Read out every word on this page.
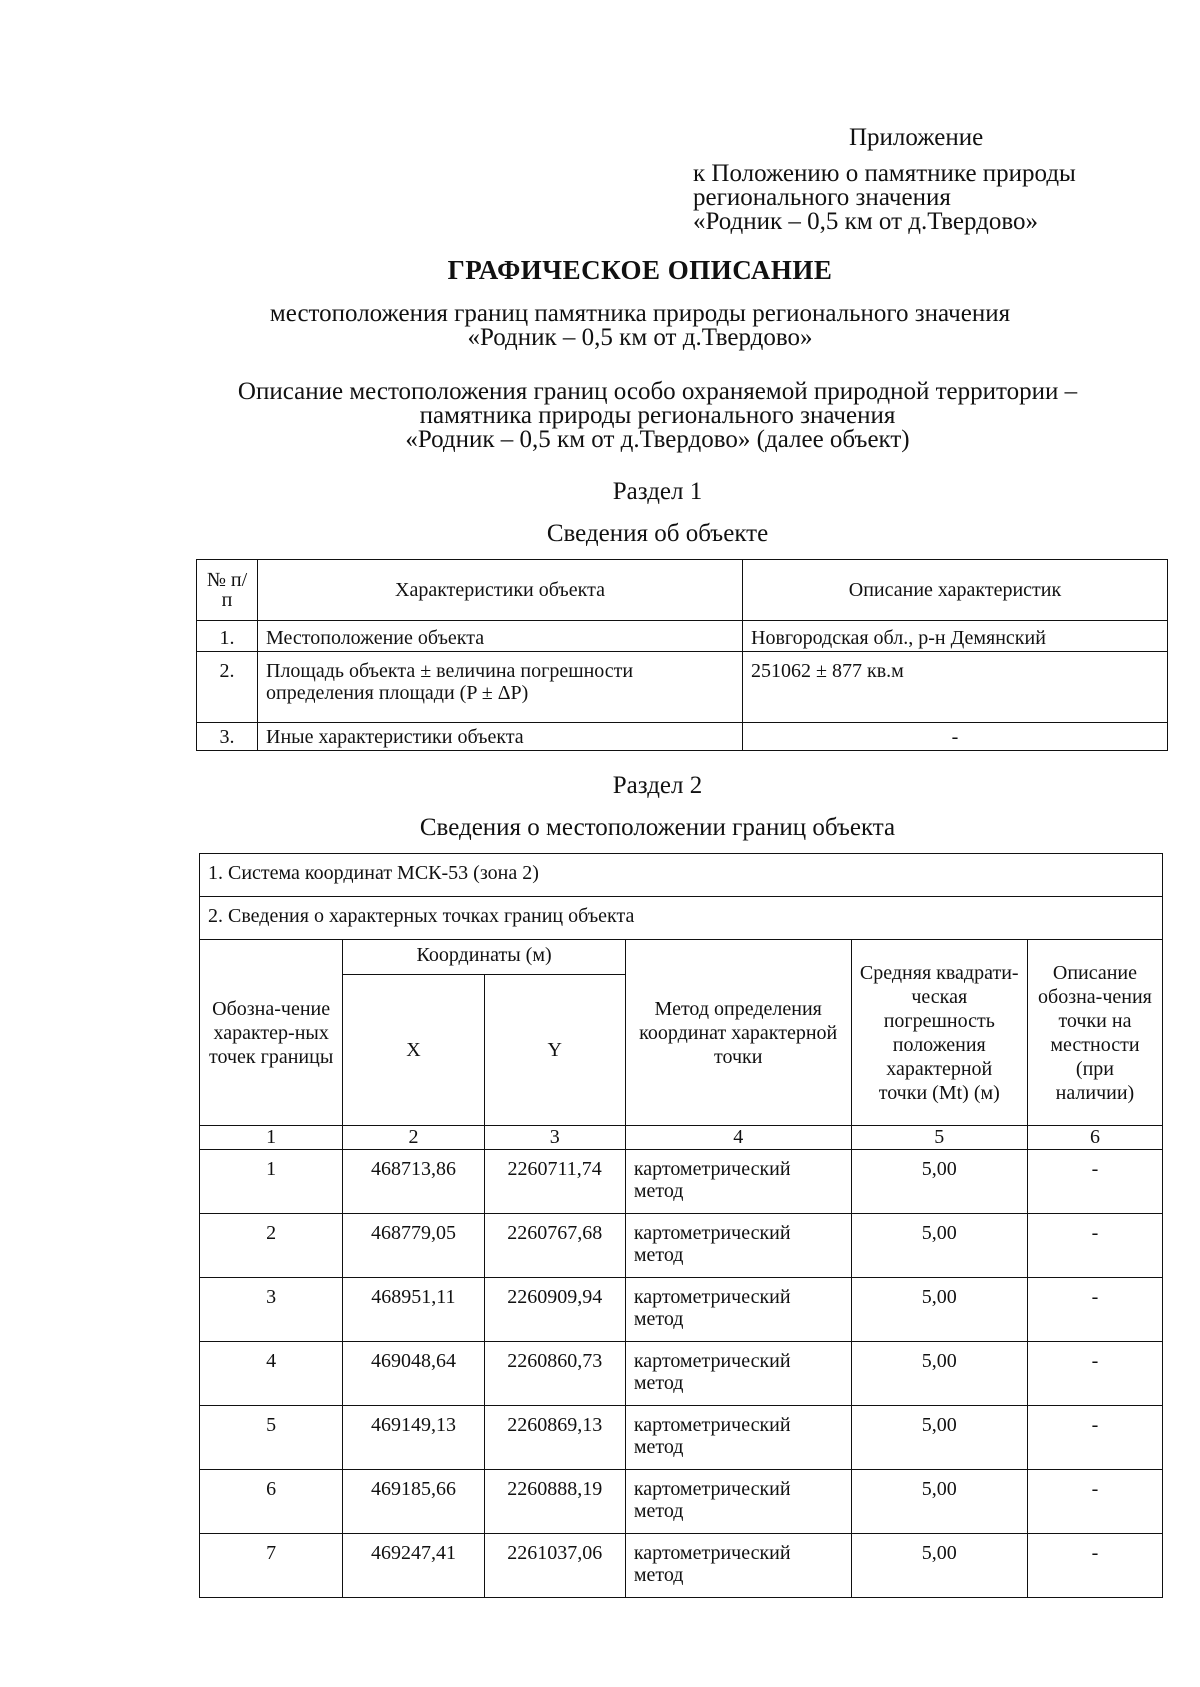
Приложение
к Положению о памятнике природы
регионального значения
«Родник – 0,5 км от д.Твердово»
ГРАФИЧЕСКОЕ ОПИСАНИЕ
местоположения границ памятника природы регионального значения
«Родник – 0,5 км от д.Твердово»
Описание местоположения границ особо охраняемой природной территории –
памятника природы регионального значения
«Родник – 0,5 км от д.Твердово» (далее объект)
Раздел 1
Сведения об объекте
№ п/п	Характеристики объекта	Описание характеристик
1.	Местоположение объекта	Новгородская обл., р-н Демянский
2.	Площадь объекта ± величина погрешности определения площади (P ± ΔP)	251062 ± 877 кв.м
3.	Иные характеристики объекта	-
Раздел 2
Сведения о местоположении границ объекта
1. Система координат МСК-53 (зона 2)					
2. Сведения о характерных точках границ объекта					
Обозна-чение характер-ных точек границы	Координаты (м)		Метод определения координат характерной точки	Средняя квадрати-ческая погрешность положения характерной точки (Mt) (м)	Описание обозна-чения точки на местности (при наличии)
	X	Y			
1	2	3	4	5	6
1	468713,86	2260711,74	картометрический метод	5,00	-
2	468779,05	2260767,68	картометрический метод	5,00	-
3	468951,11	2260909,94	картометрический метод	5,00	-
4	469048,64	2260860,73	картометрический метод	5,00	-
5	469149,13	2260869,13	картометрический метод	5,00	-
6	469185,66	2260888,19	картометрический метод	5,00	-
7	469247,41	2261037,06	картометрический метод	5,00	-
